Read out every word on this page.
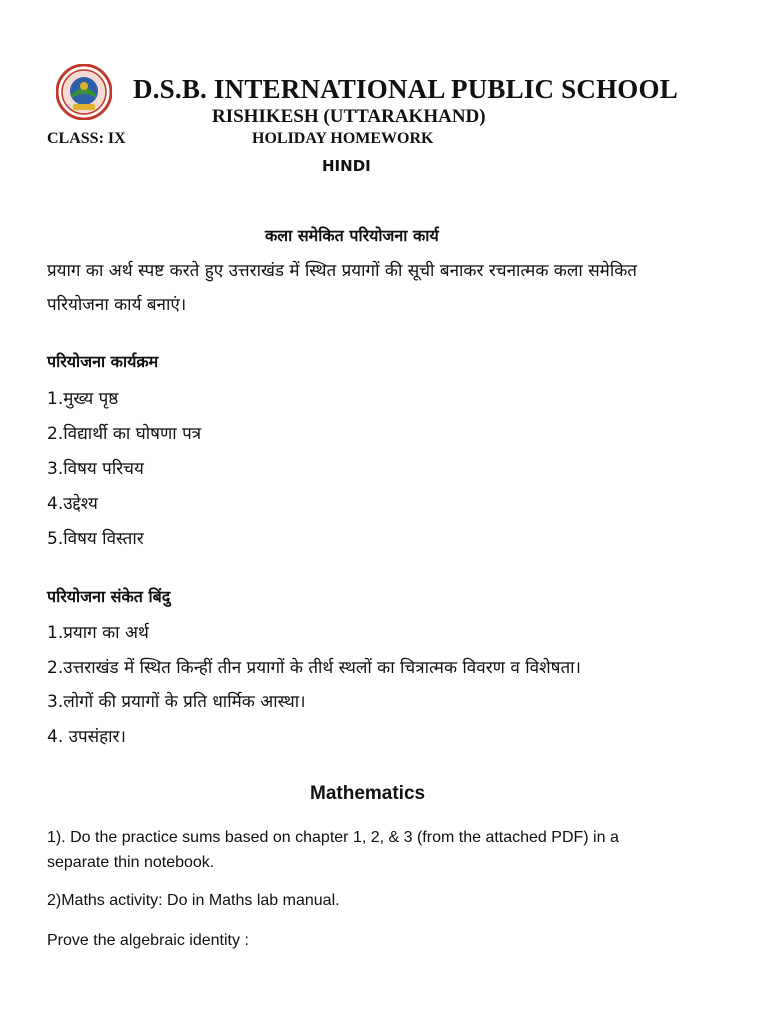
D.S.B. INTERNATIONAL PUBLIC SCHOOL
RISHIKESH (UTTARAKHAND)
CLASS: IX	HOLIDAY HOMEWORK
HINDI
कला समेकित परियोजना कार्य
प्रयाग का अर्थ स्पष्ट करते हुए उत्तराखंड में स्थित प्रयागों की सूची बनाकर रचनात्मक कला समेकित
परियोजना कार्य बनाएं।
परियोजना कार्यक्रम
1.मुख्य पृष्ठ
2.विद्यार्थी का घोषणा पत्र
3.विषय परिचय
4.उद्देश्य
5.विषय विस्तार
परियोजना संकेत बिंदु
1.प्रयाग का अर्थ
2.उत्तराखंड में स्थित किन्हीं तीन प्रयागों के तीर्थ स्थलों का चित्रात्मक विवरण व विशेषता।
3.लोगों की प्रयागों के प्रति धार्मिक आस्था।
4. उपसंहार।
Mathematics
1). Do the practice sums based on chapter 1, 2, & 3 (from the attached PDF) in a
separate thin notebook.
2)Maths activity: Do in Maths lab manual.
Prove the algebraic identity :
